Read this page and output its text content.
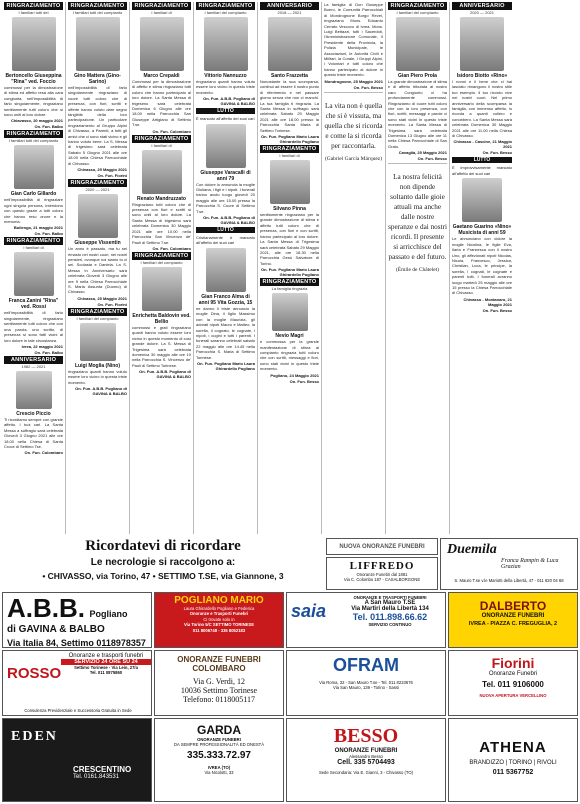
RINGRAZIAMENTO
I familiari tutti del
Bertoncello Giuseppina "Rina" ved. Foccio
commossi per la dimostrazione di stima ed affetto resa alla cara congiunta, nell'impossibilità di farlo singolarmente, ringraziano sentitamente tutti coloro che si sono uniti al loro dolore.
Chiavasso, 20 maggio 2021
On. Fun. Balbo
RINGRAZIAMENTO
I familiari tutti del compianto
Gian Carlo Gillardo
nell'impossibilità di ringraziare ogni singola persona, intendono con questo grazie a tutti coloro che hanno reso onore e la memoria.
Bollengo, 21 maggio 2021
On. Fun. Balbo
RINGRAZIAMENTO
I familiari di
Franca Zanini "Rina" ved. Rossi
nell'impossibilità di farlo singolarmente, ringraziano sentitamente tutti coloro che con una parola, uno scritto, di presenza si sono fatti vicini al loro dolore in tale circostanza.
Ivrea, 22 maggio 2021
On. Fun. Balbo
ANNIVERSARIO
1982 — 2021
Crescio Piccio
Ti ricordiamo sempre con grande affetto. I tuoi cari. La Santa Messa a suffragio sarà celebrata Giovedì 3 Giugno 2021 alle ore 18.00 nella Chiesa di Santa Croce di Settimo Tse.
On. Fun. Colombaro
RINGRAZIAMENTO
I familiari tutti del compianto
Gino Mattera (Gino-Sarino)
nell'impossibilità di farlo singolarmente ringraziano di cuore tutti coloro che di presenza, con fiori, scritti e offerte hanno voluto dare segno tangibile della loro partecipazione. Un particolare ringraziamento al Gruppo Alpini di Chivasso, a Parenti, a tutti gli amici che ci sono stati vicino e gli hanno voluto bene. La S. Messa di trigesimo sarà celebrata Sabato 5 Giugno 2021 alle ore 18.00 nella Chiesa Parrocchiale di Chivasso.
Chivasso, 25 Maggio 2021
On. Fun. Fiorini
RINGRAZIAMENTO
2020 — 2021
Giuseppe Vissentin
Un anno è passato, ma tu sei rimasto nei nostri cuori, nei nostri pensieri, ovunque noi siamo tu ci sei. Scolasta e Daniela. La S. Messa in Anniversario sarà celebrata Giovedì 3 Giugno alle ore 9 nella Chiesa Parrocchiale S. Maria Assunta (Duomo) di Chivasso.
Chivasso, 25 Maggio 2021
On. Fun. Fiorini
RINGRAZIAMENTO
I familiari del compianto
Luigi Moglia (Nino)
ringraziano quanti hanno voluto essere loro vicino in questa triste momento.
On. Fun. A.B.B. Pogliano di GAVINA & BALBO
RINGRAZIAMENTO
I familiari di
Marco Crepaldi
Commossi per la dimostrazione di affetto e stima ringraziano tutti coloro che hanno partecipato al loro dolore. La Santa Messa di trigesimo sarà celebrata Domenica 6 Giugno alle ore 18.00 nella Parrocchia San Giuseppe Artigiano di Settimo T.se.
On. Fun. Colombaro
RINGRAZIAMENTO
I familiari di
Renato Mandruzzato
Ringraziano tutti coloro che di presenza con fiori e scritti si sono uniti al loro dolore. La Santa Messa di trigesimo sarà celebrata Domenica 30 Maggio 2021 alle ore 10.00 nella Parrocchia San Vincenzo de' Paoli di Settimo T.se.
On. Fun. Colombaro
RINGRAZIAMENTO
I familiari del compianto
Enrichetta Baldovin ved. Bellio
commossi e grati ringraziano quanti hanno voluto essere loro vicino in questo momento di così grande dolore. La S. Messa di Trigesima sarà celebrata domenica 30 maggio alle ore 10 nella Parrocchia S. Vincenzo de' Paoli di Settimo Torinese.
On. Fun. A.B.B. Pogliano di GAVINA & BALBO
RINGRAZIAMENTO
I familiari del compianto
Vittorio Nannuzzo
ringraziano quanti hanno voluto essere loro vicino in questo triste momento.
On. Fun. A.B.B. Pogliano di GAVINA & BALBO
LUTTO
È mancato all'affetto dei suoi cari
Giuseppe Varacalli di anni 79
Con dolore lo annuncia la moglie Giuliana, i figli e i nipoti. I funerali hanno avuto luogo giovedì 20 maggio alle ore 15.00 presso la Parrocchia S. Cuore di Settimo T.se.
On. Fun. A.B.B. Pogliano di GAVINA & BALBO
LUTTO
Cristianamente è mancato all'affetto dei suoi cari
Gian Franco Alma di anni 95 Vita Gozzia, 15
ne danno il triste annuncio la moglie Dina, il figlio Massimo con la moglie Maurizia, gli adorati nipoti Mauro e Matteo, la sorella, il cognato, le cognate, i nipoti, i cugini e tutti i parenti. I funerali saranno celebrati sabato 22 maggio alle ore 14.45 nella Parrocchia S. Maria di Settimo Torinese.
On. Fun. Pogliano Mario Laura Ghirardello Pogliano
ANNIVERSARIO
2018 — 2021
Santo Frazzetta
Nonostante la sua scomparsa, continui ad essere il nostro punto di riferimento e nel passare giorno senza che non ci manchi. La tua famiglia ti ringrazia. La Santa Messa in suffragio sarà celebrata Sabato 29 Maggio 2021 alle ore 18.00 presso la Parrocchia Santa Maria di Settimo Torinese.
On. Fun. Pogliano Mario Laura Ghirardello Pogliano
RINGRAZIAMENTO
I familiari di
Silvano Pinna
sentitamente ringraziano per la grande dimostrazione di stima e affetto tutti coloro che di presenza, con fiori e con scritti, hanno partecipato al loro dolore. La Santa Messa di Trigesima sarà celebrata Sabato 29 Maggio 2021, alle ore 18.30 nella Parrocchia Gesù Salvatore di Torino.
On. Fun. Pogliano Mario Laura Ghirardello Pogliano
RINGRAZIAMENTO
La famiglia ringrazia
Nevio Magri
e commossa per la grande manifestazione di stima al compianto ringrazia tutti coloro che con scritti, messaggi e fiori, sono stati vicini in questo triste momento.
Pogliano, 24 Maggio 2021
On. Fun. Besso
La famiglia di Don Giuseppe Boero, le Comunità Parrocchiali di Mondrognone Borgo Revel, ringraziano Mons. Edoardo Cerrato Vescovo di Ivrea, Mons. Luigi Bettazzi, tutti i Sacerdoti, l'Amministrazione Comunale, il Presidente della Provincia, la Polizia Municipale, le Associazioni, le Autorità Civili e Militari, la Corale, i Gruppi Alpini, i Volontari e tutti coloro che hanno partecipato al dolore in questo triste momento.
Mondrognone, 25 Maggio 2021
On. Fun. Besso
La vita non è quella che si è vissuta, ma quella che si ricorda e come la si ricorda per raccontarla.
(Gabriel García Márquez)
RINGRAZIAMENTO
I familiari del compianto
Gian Piero Prola
La grande dimostrazione di stima e di affetto tributata al nostro caro Congiunto ci ha profondamente commossi. Ringraziamo di cuore tutti coloro che con la loro presenza, con fiori, scritti, messaggi e parole ci sono stati vicini in questo triste momento. La Santa Messa di Trigesima sarà celebrata Domenica 13 Giugno alle ore 11 nella Chiesa Parrocchiale di San Grato.
Cavaglià, 25 Maggio 2021
On. Fun. Besso
La nostra felicità non dipende soltanto dalle gioie attuali ma anche dalle nostre speranze e dai nostri ricordi. Il presente si arricchisce del passato e del futuro.
(Émile de Châtelet)
ANNIVERSARIO
2020 — 2021
Isidoro Biotto «Rino»
I nonni e il bene che ci hai lasciato rimangono il nostro stile tuo esempio. Il tuo ricordo vive nei nostri cuori. Nel primo anniversario della scomparsa la famiglia, con immenso affetto, lo ricorda a quanti vollero e conobbero. La Santa Messa sarà celebrata Domenica 30 Maggio 2021 alle ore 11.00 nella Chiesa di Chivasso.
Chivasso - Cascine, 21 Maggio 2021
On. Fun. Besso
LUTTO
È improvvisamente mancato all'affetto dei suoi cari
Gaetano Guarino «Nino» Musicista di anni 59
Le annunciano con dolore la moglie Nicolina, le figlie Eva, Ilaria e Francesca con il nostro Uno, gli affezionati nipoti Nicolas, Nicola, Francesco, Jessica, Christian, Luca, le principe, la sorella, i cognati, le cognate e parenti tutti. I funerali avranno luogo martedì 25 maggio alle ore 15 presso la Chiesa Parrocchiale di Chivasso.
Chivasso - Montanaro, 21 Maggio 2021
On. Fun. Besso
Ricordatevi di ricordare
Le necrologie si raccolgono a:
• CHIVASSO, via Torino, 47 • SETTIMO T.SE, via Giannone, 3
NUOVA ONORANZE FUNEBRI
LIFFREDO
Onoranze Funebri dal 1881
Via C. Colombo 187 - CASALBORGONE
Duemila
Franca Rampin & Luca Grazian
S. Mauro T.se v.le Mariotti della Libertà, 47 - 011 820 04 68
A.B.B. Pogliano
di GAVINA & BALBO
Via Italia 84, Settimo 0118978357
POGLIANO MARIO
Laura Ghirardello Pogliano e Federica
Onoranze e Trasporti Funebri
Ci trovate solo in
Via Torino 5/C SETTIMO TORINESE
011 8006748 - 335 8052183
saia
ONORANZE E TRASPORTI FUNEBRI
A San Mauro T.SE
Via Martiri della Libertà 134
Tel. 011.898.66.62
SERVIZIO CONTINUO
DALBERTO
ONORANZE FUNEBRI
IVREA - PIAZZA C. FREGUGLIA, 2
ROSSO
Onoranze e trasporti funebri
SERVIZIO 24 ORE SU 24
Settimo Torinese - Via Lein, 27/a
Tel. 011 0875860
Consulenza Previdenziale e Successoria Gratuita in Sede
ONORANZE FUNEBRI COLOMBARO
Via G. Verdi, 12
10036 Settimo Torinese
Telefono: 0118005117
OFRAM
Via Roma, 32 - San Mauro T.se - Tel. 011 8223676
Via San Mauro, 139 - Torino - Sassi
Fiorini
Onoranze Funebri
Tel. 011 9106000
NUOVA APERTURA VERCELLINO
EDEN
CRESCENTINO
Tel. 0161.843531
GARDA
ONORANZE FUNEBRI
DA SEMPRE PROFESSIONALITÀ ED ONESTÀ
335.333.72.97
IVREA (TO)
Via Nicolotti, 33
BESSO
ONORANZE FUNEBRI
Alessandro Besso
Cell. 335 5704493
Sede Secondaria: Via E. Gianni, 3 - Chivasso (TO)
ATHENA
BRANDIZZO | TORINO | RIVOLI
011 5367752
